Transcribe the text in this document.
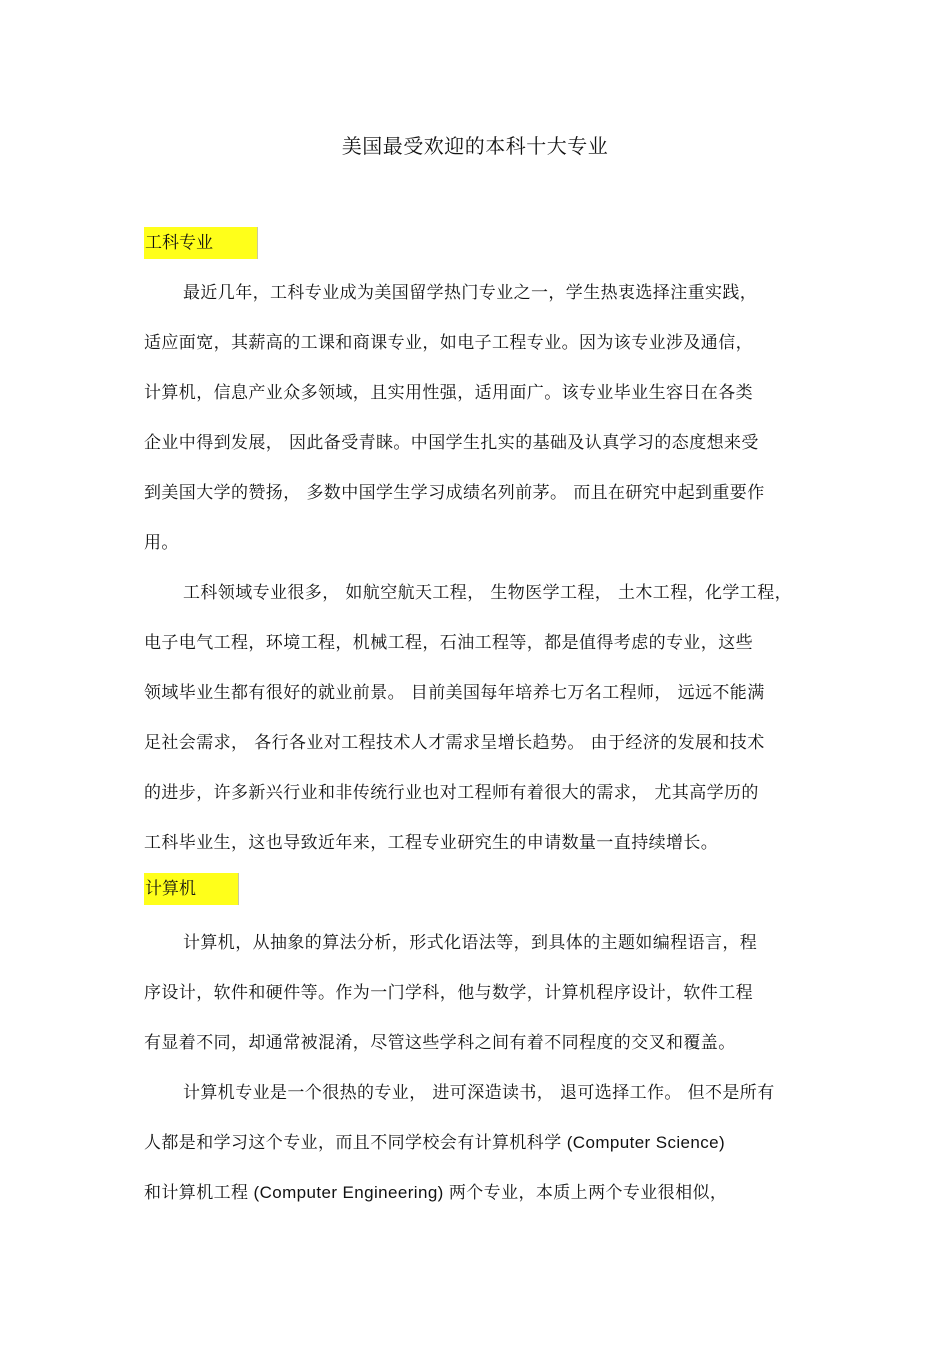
美国最受欢迎的本科十大专业
工科专业
最近几年，工科专业成为美国留学热门专业之一，学生热衷选择注重实践，
适应面宽，其薪高的工课和商课专业，如电子工程专业。因为该专业涉及通信，
计算机，信息产业众多领域，且实用性强，适用面广。该专业毕业生容日在各类
企业中得到发展， 因此备受青睐。中国学生扎实的基础及认真学习的态度想来受
到美国大学的赞扬， 多数中国学生学习成绩名列前茅。 而且在研究中起到重要作
用。
工科领域专业很多， 如航空航天工程， 生物医学工程， 土木工程，化学工程，
电子电气工程，环境工程，机械工程，石油工程等，都是值得考虑的专业，这些
领域毕业生都有很好的就业前景。 目前美国每年培养七万名工程师， 远远不能满
足社会需求， 各行各业对工程技术人才需求呈增长趋势。 由于经济的发展和技术
的进步，许多新兴行业和非传统行业也对工程师有着很大的需求， 尤其高学历的
工科毕业生，这也导致近年来，工程专业研究生的申请数量一直持续增长。
计算机
计算机，从抽象的算法分析，形式化语法等，到具体的主题如编程语言，程
序设计，软件和硬件等。作为一门学科，他与数学，计算机程序设计，软件工程
有显着不同，却通常被混淆，尽管这些学科之间有着不同程度的交叉和覆盖。
计算机专业是一个很热的专业， 进可深造读书， 退可选择工作。 但不是所有
人都是和学习这个专业，而且不同学校会有计算机科学 (Computer Science)
和计算机工程 (Computer Engineering) 两个专业，本质上两个专业很相似，
